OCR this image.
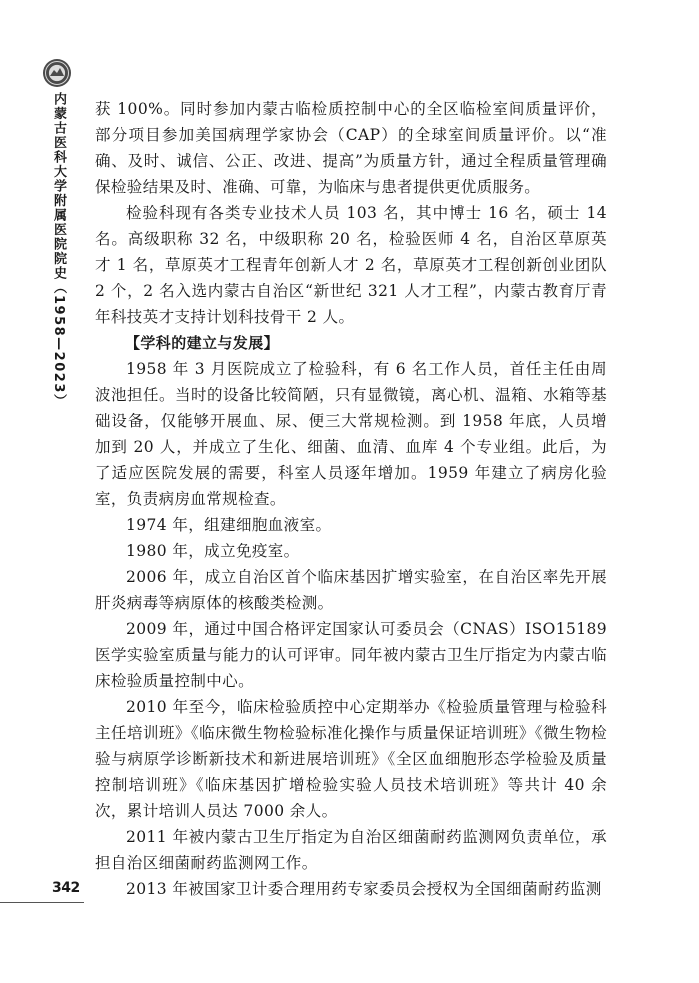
内蒙古医科大学附属医院院史（1958—2023） 获 100%。同时参加内蒙古临检质控制中心的全区临检室间质量评价，部分项目参加美国病理学家协会（CAP）的全球室间质量评价。以“准确、及时、诚信、公正、改进、提高”为质量方针，通过全程质量管理确保检验结果及时、准确、可靠，为临床与患者提供更优质服务。

检验科现有各类专业技术人员 103 名，其中博士 16 名，硕士 14 名。高级职称 32 名，中级职称 20 名，检验医师 4 名，自治区草原英才 1 名，草原英才工程青年创新人才 2 名，草原英才工程创新创业团队 2 个，2 名入选内蒙古自治区“新世纪 321 人才工程”，内蒙古教育厅青年科技英才支持计划科技骨干 2 人。

【学科的建立与发展】

1958 年 3 月医院成立了检验科，有 6 名工作人员，首任主任由周波池担任。当时的设备比较简陋，只有显微镜，离心机、温箱、水箱等基础设备，仅能够开展血、尿、便三大常规检测。到 1958 年底，人员增加到 20 人，并成立了生化、细菌、血清、血库 4 个专业组。此后，为了适应医院发展的需要，科室人员逐年增加。1959 年建立了病房化验室，负责病房血常规检查。

1974 年，组建细胞血液室。

1980 年，成立免疫室。

2006 年，成立自治区首个临床基因扩增实验室，在自治区率先开展肝炎病毒等病原体的核酸类检测。

2009 年，通过中国合格评定国家认可委员会（CNAS）ISO15189 医学实验室质量与能力的认可评审。同年被内蒙古卫生厅指定为内蒙古临床检验质量控制中心。

2010 年至今，临床检验质控中心定期举办《检验质量管理与检验科主任培训班》《临床微生物检验标准化操作与质量保证培训班》《微生物检验与病原学诊断新技术和新进展培训班》《全区血细胞形态学检验及质量控制培训班》《临床基因扩增检验实验人员技术培训班》等共计 40 余次，累计培训人员达 7000 余人。

2011 年被内蒙古卫生厅指定为自治区细菌耐药监测网负责单位，承担自治区细菌耐药监测网工作。

2013 年被国家卫计委合理用药专家委员会授权为全国细菌耐药监测

342
